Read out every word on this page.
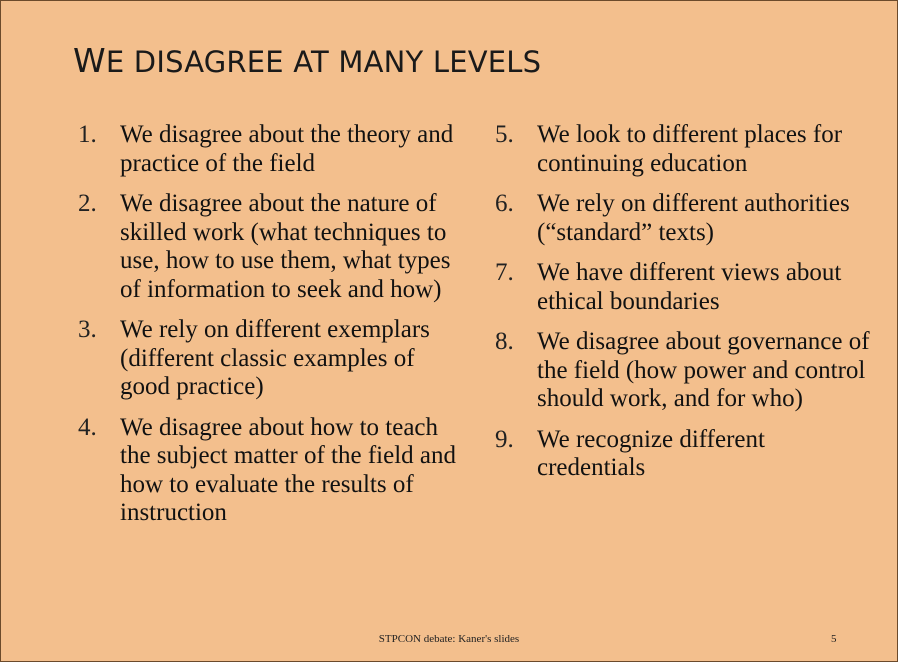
WE DISAGREE AT MANY LEVELS
1. We disagree about the theory and practice of the field
2. We disagree about the nature of skilled work (what techniques to use, how to use them, what types of information to seek and how)
3. We rely on different exemplars (different classic examples of good practice)
4. We disagree about how to teach the subject matter of the field and how to evaluate the results of instruction
5. We look to different places for continuing education
6. We rely on different authorities (“standard” texts)
7. We have different views about ethical boundaries
8. We disagree about governance of the field (how power and control should work, and for who)
9. We recognize different credentials
STPCON debate: Kaner's slides	5
